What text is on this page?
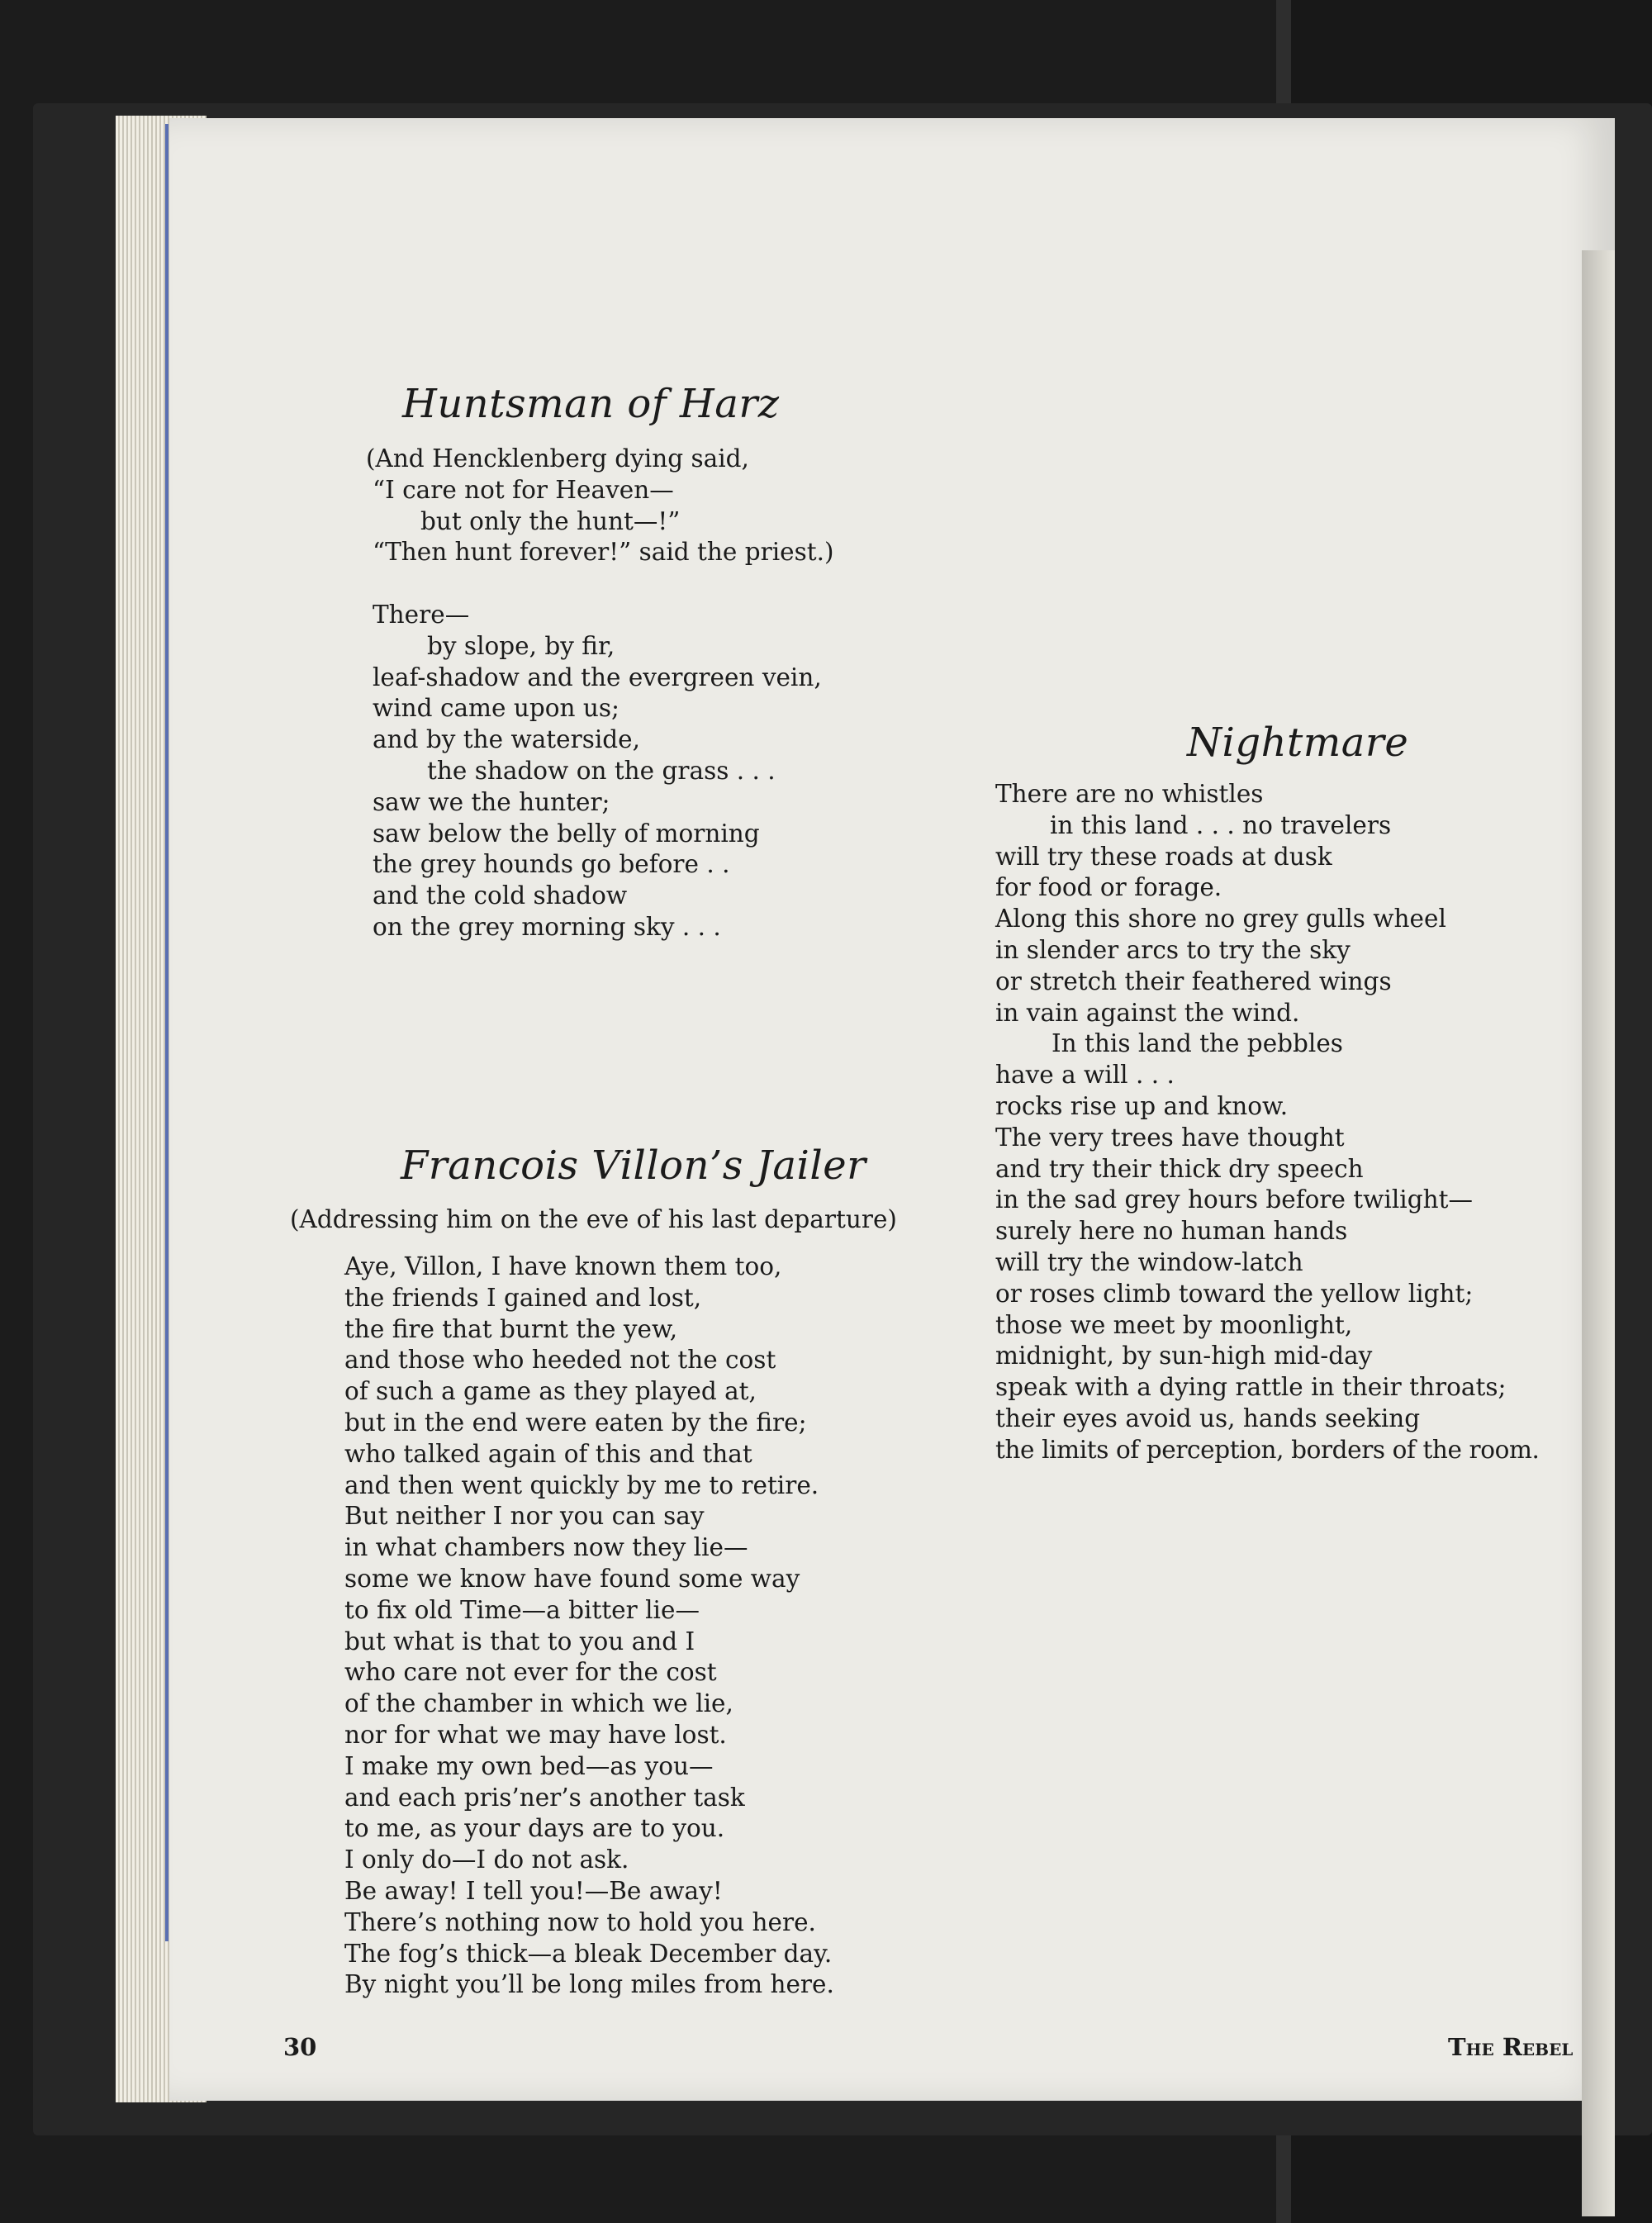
Huntsman of Harz
(And Hencklenberg dying said,
“I care not for Heaven—
but only the hunt—!”
“Then hunt forever!” said the priest.)
There—
by slope, by fir,
leaf-shadow and the evergreen vein,
wind came upon us;
and by the waterside,
the shadow on the grass . . .
saw we the hunter;
saw below the belly of morning
the grey hounds go before . .
and the cold shadow
on the grey morning sky . . .
Francois Villon’s Jailer
(Addressing him on the eve of his last departure)
Aye, Villon, I have known them too,
the friends I gained and lost,
the fire that burnt the yew,
and those who heeded not the cost
of such a game as they played at,
but in the end were eaten by the fire;
who talked again of this and that
and then went quickly by me to retire.
But neither I nor you can say
in what chambers now they lie—
some we know have found some way
to fix old Time—a bitter lie—
but what is that to you and I
who care not ever for the cost
of the chamber in which we lie,
nor for what we may have lost.
I make my own bed—as you—
and each pris’ner’s another task
to me, as your days are to you.
I only do—I do not ask.
Be away! I tell you!—Be away!
There’s nothing now to hold you here.
The fog’s thick—a bleak December day.
By night you’ll be long miles from here.
Nightmare
There are no whistles
in this land . . . no travelers
will try these roads at dusk
for food or forage.
Along this shore no grey gulls wheel
in slender arcs to try the sky
or stretch their feathered wings
in vain against the wind.
In this land the pebbles
have a will . . .
rocks rise up and know.
The very trees have thought
and try their thick dry speech
in the sad grey hours before twilight—
surely here no human hands
will try the window-latch
or roses climb toward the yellow light;
those we meet by moonlight,
midnight, by sun-high mid-day
speak with a dying rattle in their throats;
their eyes avoid us, hands seeking
the limits of perception, borders of the room.
30	The Rebel
